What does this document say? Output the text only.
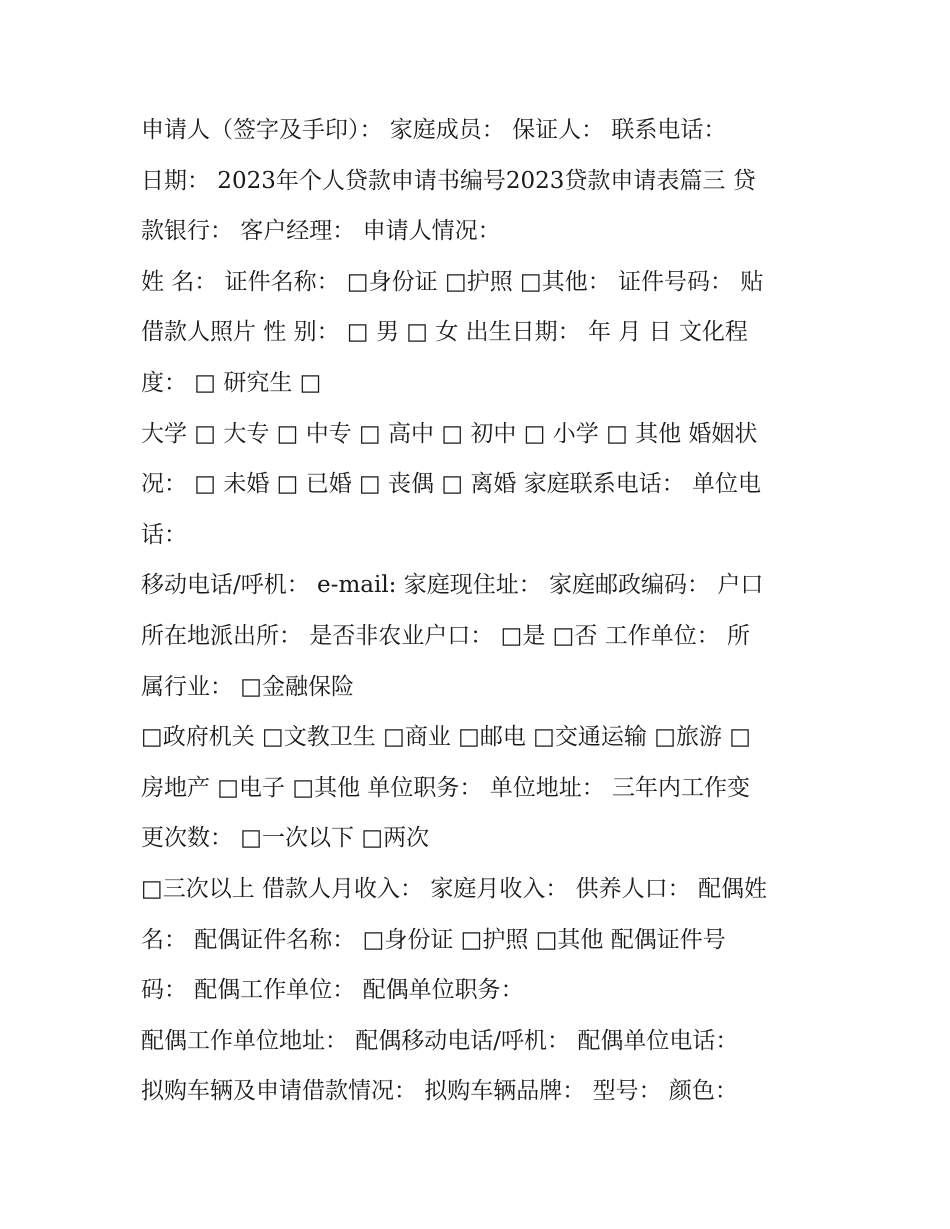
申请人（签字及手印）： 家庭成员： 保证人： 联系电话：
日期： 2023年个人贷款申请书编号2023贷款申请表篇三 贷
款银行： 客户经理： 申请人情况：
姓 名： 证件名称： □身份证 □护照 □其他： 证件号码： 贴
借款人照片 性 别： □ 男 □ 女 出生日期： 年 月 日 文化程
度： □ 研究生 □
大学 □ 大专 □ 中专 □ 高中 □ 初中 □ 小学 □ 其他 婚姻状
况： □ 未婚 □ 已婚 □ 丧偶 □ 离婚 家庭联系电话： 单位电
话：
移动电话/呼机： e-mail: 家庭现住址： 家庭邮政编码： 户口
所在地派出所： 是否非农业户口： □是 □否 工作单位： 所
属行业： □金融保险
□政府机关 □文教卫生 □商业 □邮电 □交通运输 □旅游 □
房地产 □电子 □其他 单位职务： 单位地址： 三年内工作变
更次数： □一次以下 □两次
□三次以上 借款人月收入： 家庭月收入： 供养人口： 配偶姓
名： 配偶证件名称： □身份证 □护照 □其他 配偶证件号
码： 配偶工作单位： 配偶单位职务：
配偶工作单位地址： 配偶移动电话/呼机： 配偶单位电话：
拟购车辆及申请借款情况： 拟购车辆品牌： 型号： 颜色：
